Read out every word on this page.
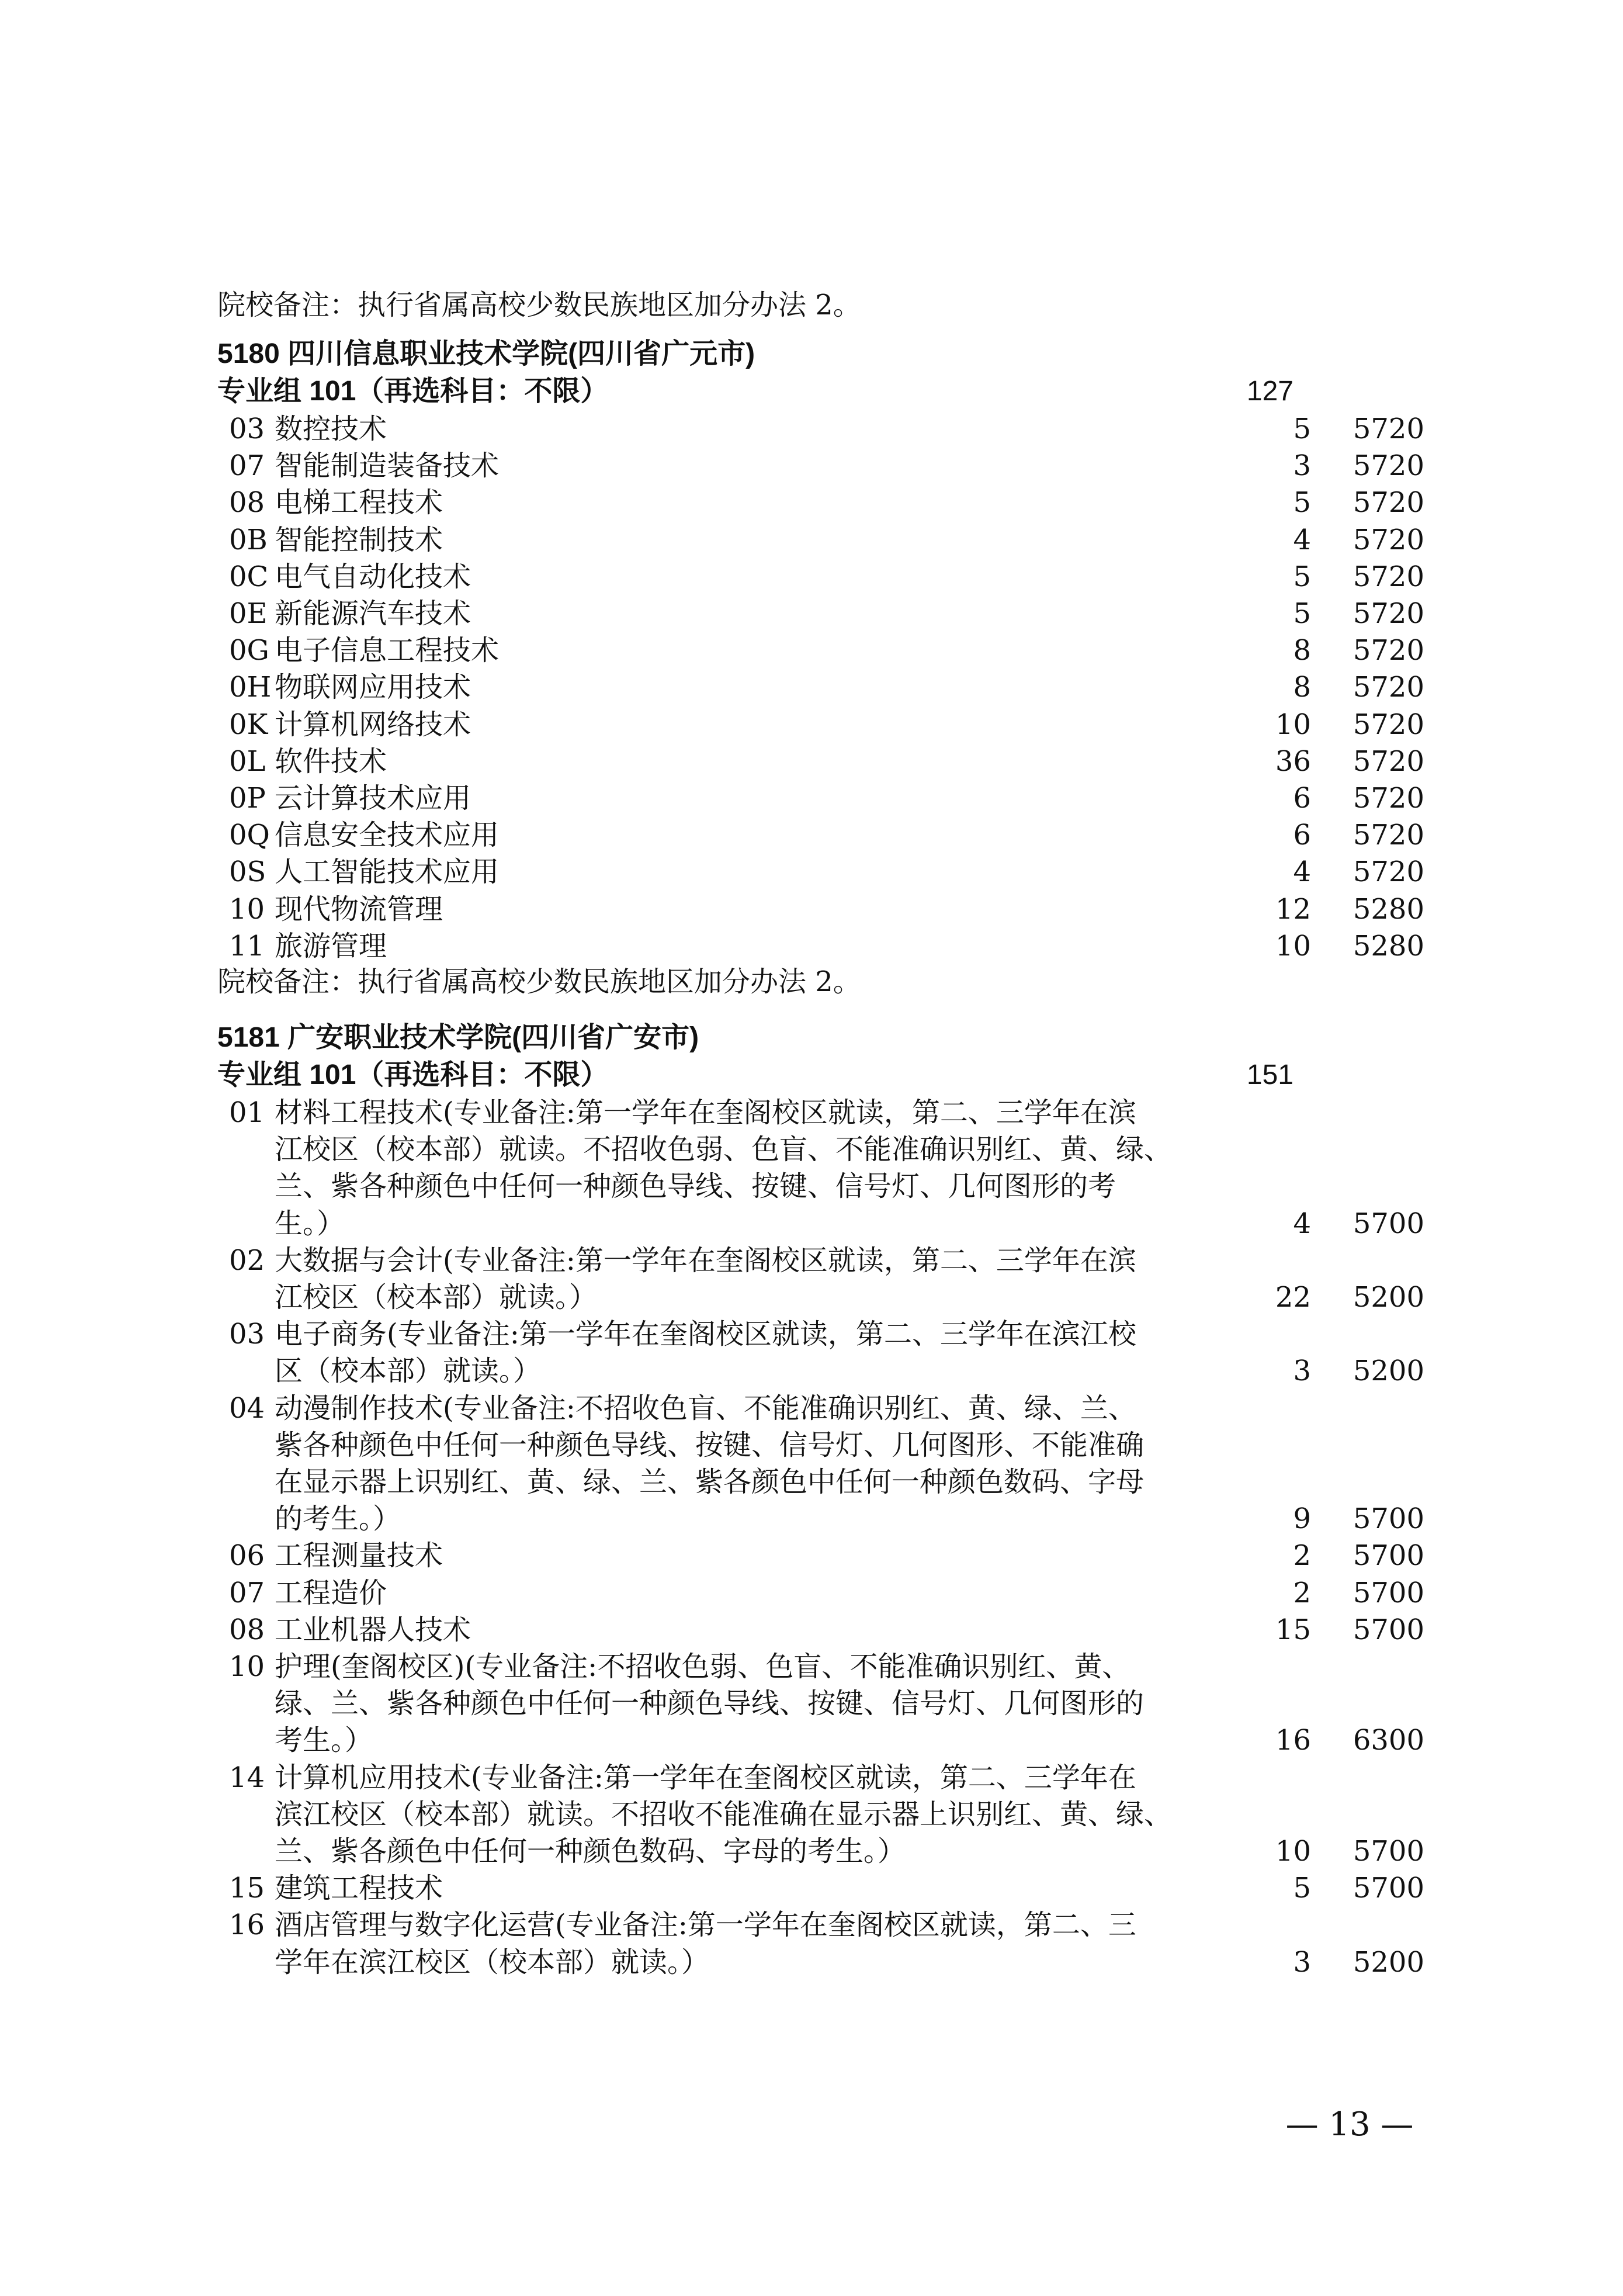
院校备注：执行省属高校少数民族地区加分办法 2。
5180 四川信息职业技术学院(四川省广元市)
专业组 101（再选科目：不限）	127
03 数控技术	5	5720
07 智能制造装备技术	3	5720
08 电梯工程技术	5	5720
0B 智能控制技术	4	5720
0C 电气自动化技术	5	5720
0E 新能源汽车技术	5	5720
0G 电子信息工程技术	8	5720
0H 物联网应用技术	8	5720
0K 计算机网络技术	10	5720
0L 软件技术	36	5720
0P 云计算技术应用	6	5720
0Q 信息安全技术应用	6	5720
0S 人工智能技术应用	4	5720
10 现代物流管理	12	5280
11 旅游管理	10	5280
院校备注：执行省属高校少数民族地区加分办法 2。
5181 广安职业技术学院(四川省广安市)
专业组 101（再选科目：不限）	151
01 材料工程技术(专业备注:第一学年在奎阁校区就读，第二、三学年在滨
江校区（校本部）就读。不招收色弱、色盲、不能准确识别红、黄、绿、
兰、紫各种颜色中任何一种颜色导线、按键、信号灯、几何图形的考
生。）	4	5700
02 大数据与会计(专业备注:第一学年在奎阁校区就读，第二、三学年在滨
江校区（校本部）就读。）	22	5200
03 电子商务(专业备注:第一学年在奎阁校区就读，第二、三学年在滨江校
区（校本部）就读。）	3	5200
04 动漫制作技术(专业备注:不招收色盲、不能准确识别红、黄、绿、兰、
紫各种颜色中任何一种颜色导线、按键、信号灯、几何图形、不能准确
在显示器上识别红、黄、绿、兰、紫各颜色中任何一种颜色数码、字母
的考生。）	9	5700
06 工程测量技术	2	5700
07 工程造价	2	5700
08 工业机器人技术	15	5700
10 护理(奎阁校区)(专业备注:不招收色弱、色盲、不能准确识别红、黄、
绿、兰、紫各种颜色中任何一种颜色导线、按键、信号灯、几何图形的
考生。）	16	6300
14 计算机应用技术(专业备注:第一学年在奎阁校区就读，第二、三学年在
滨江校区（校本部）就读。不招收不能准确在显示器上识别红、黄、绿、
兰、紫各颜色中任何一种颜色数码、字母的考生。）	10	5700
15 建筑工程技术	5	5700
16 酒店管理与数字化运营(专业备注:第一学年在奎阁校区就读，第二、三
学年在滨江校区（校本部）就读。）	3	5200
— 13 —
